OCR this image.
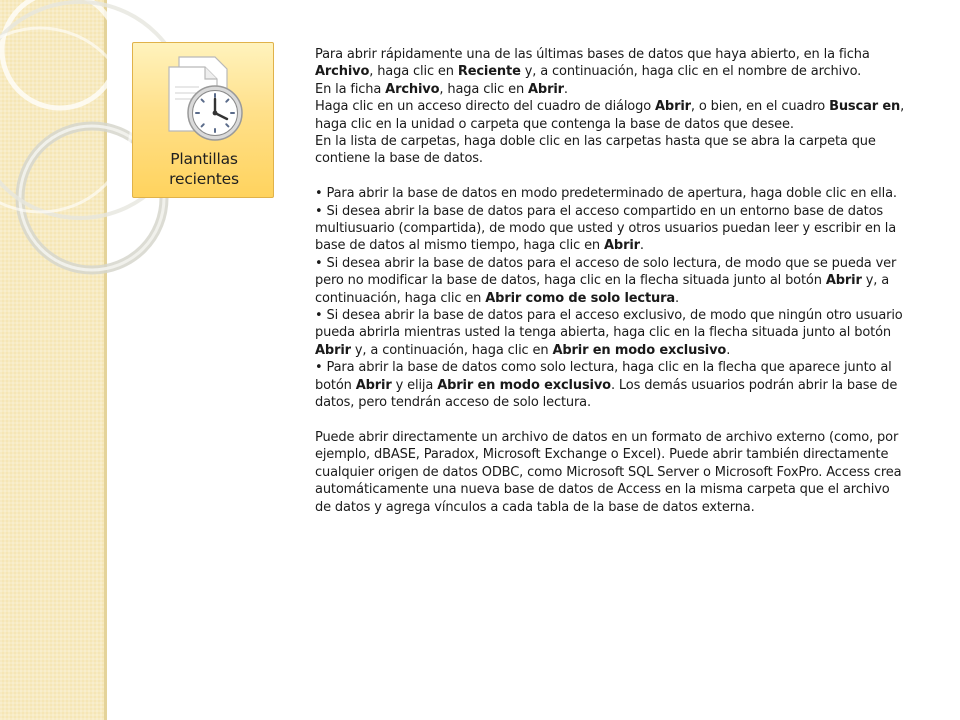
Plantillas
recientes

Para abrir rápidamente una de las últimas bases de datos que haya abierto, en la ficha Archivo, haga clic en Reciente y, a continuación, haga clic en el nombre de archivo.

En la ficha Archivo, haga clic en Abrir.

Haga clic en un acceso directo del cuadro de diálogo Abrir, o bien, en el cuadro Buscar en, haga clic en la unidad o carpeta que contenga la base de datos que desee.

En la lista de carpetas, haga doble clic en las carpetas hasta que se abra la carpeta que contiene la base de datos.

• Para abrir la base de datos en modo predeterminado de apertura, haga doble clic en ella.

• Si desea abrir la base de datos para el acceso compartido en un entorno base de datos multiusuario (compartida), de modo que usted y otros usuarios puedan leer y escribir en la base de datos al mismo tiempo, haga clic en Abrir.

• Si desea abrir la base de datos para el acceso de solo lectura, de modo que se pueda ver pero no modificar la base de datos, haga clic en la flecha situada junto al botón Abrir y, a continuación, haga clic en Abrir como de solo lectura.

• Si desea abrir la base de datos para el acceso exclusivo, de modo que ningún otro usuario pueda abrirla mientras usted la tenga abierta, haga clic en la flecha situada junto al botón Abrir y, a continuación, haga clic en Abrir en modo exclusivo.

• Para abrir la base de datos como solo lectura, haga clic en la flecha que aparece junto al botón Abrir y elija Abrir en modo exclusivo. Los demás usuarios podrán abrir la base de datos, pero tendrán acceso de solo lectura.

Puede abrir directamente un archivo de datos en un formato de archivo externo (como, por ejemplo, dBASE, Paradox, Microsoft Exchange o Excel). Puede abrir también directamente cualquier origen de datos ODBC, como Microsoft SQL Server o Microsoft FoxPro. Access crea automáticamente una nueva base de datos de Access en la misma carpeta que el archivo de datos y agrega vínculos a cada tabla de la base de datos externa.
